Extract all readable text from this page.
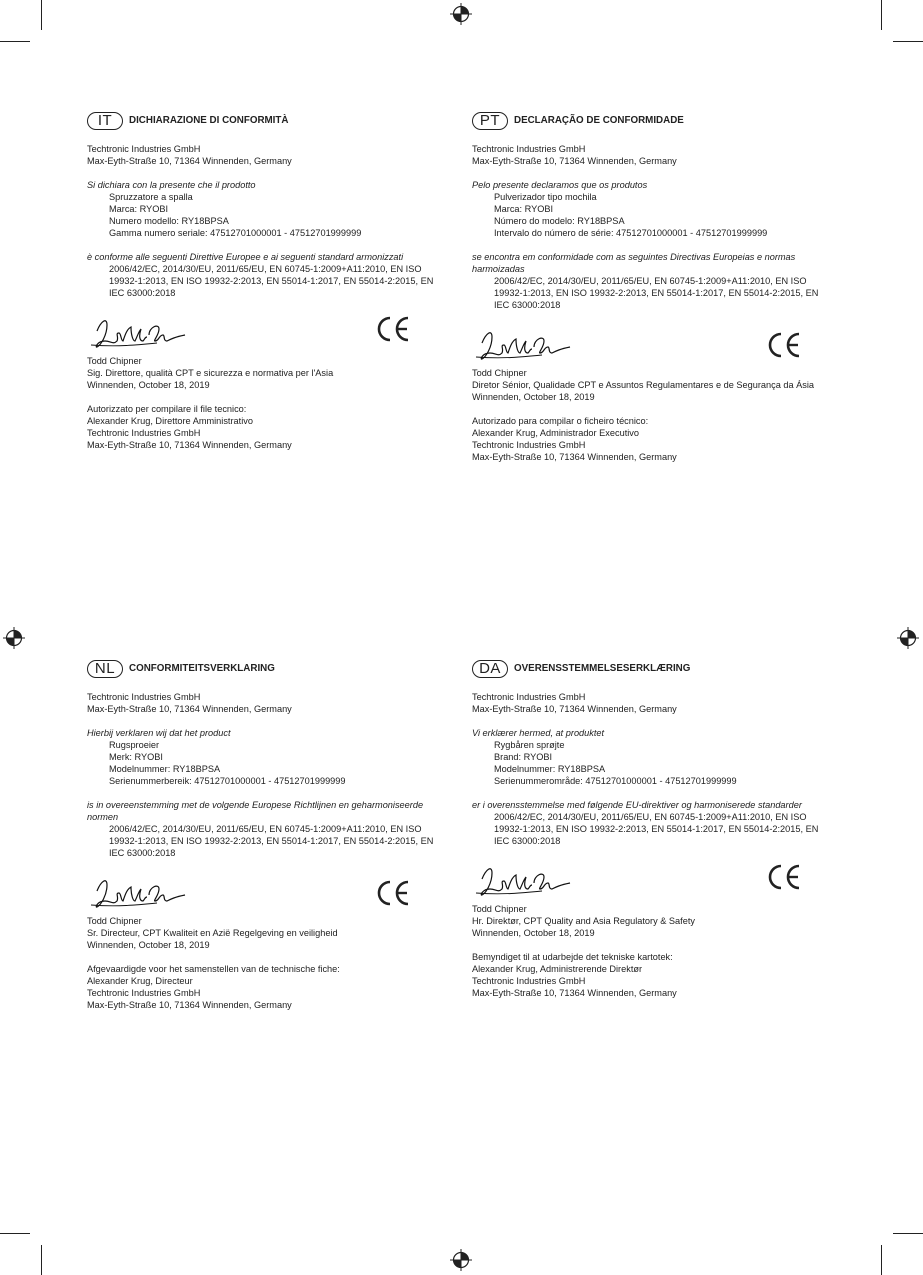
IT	DICHIARAZIONE DI CONFORMITÀ
Techtronic Industries GmbH
Max-Eyth-Straße 10, 71364 Winnenden, Germany
Si dichiara con la presente che il prodotto
Spruzzatore a spalla
Marca: RYOBI
Numero modello: RY18BPSA
Gamma numero seriale: 47512701000001 - 47512701999999
è conforme alle seguenti Direttive Europee e ai seguenti standard armonizzati
2006/42/EC, 2014/30/EU, 2011/65/EU, EN 60745-1:2009+A11:2010, EN ISO 19932-1:2013, EN ISO 19932-2:2013, EN 55014-1:2017, EN 55014-2:2015, EN IEC 63000:2018
Todd Chipner
Sig. Direttore, qualità CPT e sicurezza e normativa per l'Asia
Winnenden, October 18, 2019
Autorizzato per compilare il file tecnico:
Alexander Krug, Direttore Amministrativo
Techtronic Industries GmbH
Max-Eyth-Straße 10, 71364 Winnenden, Germany
PT	DECLARAÇÃO DE CONFORMIDADE
Techtronic Industries GmbH
Max-Eyth-Straße 10, 71364 Winnenden, Germany
Pelo presente declaramos que os produtos
Pulverizador tipo mochila
Marca: RYOBI
Número do modelo: RY18BPSA
Intervalo do número de série: 47512701000001 - 47512701999999
se encontra em conformidade com as seguintes Directivas Europeias e normas harmoizadas
2006/42/EC, 2014/30/EU, 2011/65/EU, EN 60745-1:2009+A11:2010, EN ISO 19932-1:2013, EN ISO 19932-2:2013, EN 55014-1:2017, EN 55014-2:2015, EN IEC 63000:2018
Todd Chipner
Diretor Sénior, Qualidade CPT e Assuntos Regulamentares e de Segurança da Ásia
Winnenden, October 18, 2019
Autorizado para compilar o ficheiro técnico:
Alexander Krug, Administrador Executivo
Techtronic Industries GmbH
Max-Eyth-Straße 10, 71364 Winnenden, Germany
NL	CONFORMITEITSVERKLARING
Techtronic Industries GmbH
Max-Eyth-Straße 10, 71364 Winnenden, Germany
Hierbij verklaren wij dat het product
Rugsproeier
Merk: RYOBI
Modelnummer: RY18BPSA
Serienummerbereik: 47512701000001 - 47512701999999
is in overeenstemming met de volgende Europese Richtlijnen en geharmoniseerde normen
2006/42/EC, 2014/30/EU, 2011/65/EU, EN 60745-1:2009+A11:2010, EN ISO 19932-1:2013, EN ISO 19932-2:2013, EN 55014-1:2017, EN 55014-2:2015, EN IEC 63000:2018
Todd Chipner
Sr. Directeur, CPT Kwaliteit en Azië Regelgeving en veiligheid
Winnenden, October 18, 2019
Afgevaardigde voor het samenstellen van de technische fiche:
Alexander Krug, Directeur
Techtronic Industries GmbH
Max-Eyth-Straße 10, 71364 Winnenden, Germany
DA	OVERENSSTEMMELSESERKLÆRING
Techtronic Industries GmbH
Max-Eyth-Straße 10, 71364 Winnenden, Germany
Vi erklærer hermed, at produktet
Rygbåren sprøjte
Brand: RYOBI
Modelnummer: RY18BPSA
Serienummerområde: 47512701000001 - 47512701999999
er i overensstemmelse med følgende EU-direktiver og harmoniserede standarder
2006/42/EC, 2014/30/EU, 2011/65/EU, EN 60745-1:2009+A11:2010, EN ISO 19932-1:2013, EN ISO 19932-2:2013, EN 55014-1:2017, EN 55014-2:2015, EN IEC 63000:2018
Todd Chipner
Hr. Direktør, CPT Quality and Asia Regulatory & Safety
Winnenden, October 18, 2019
Bemyndiget til at udarbejde det tekniske kartotek:
Alexander Krug, Administrerende Direktør
Techtronic Industries GmbH
Max-Eyth-Straße 10, 71364 Winnenden, Germany
